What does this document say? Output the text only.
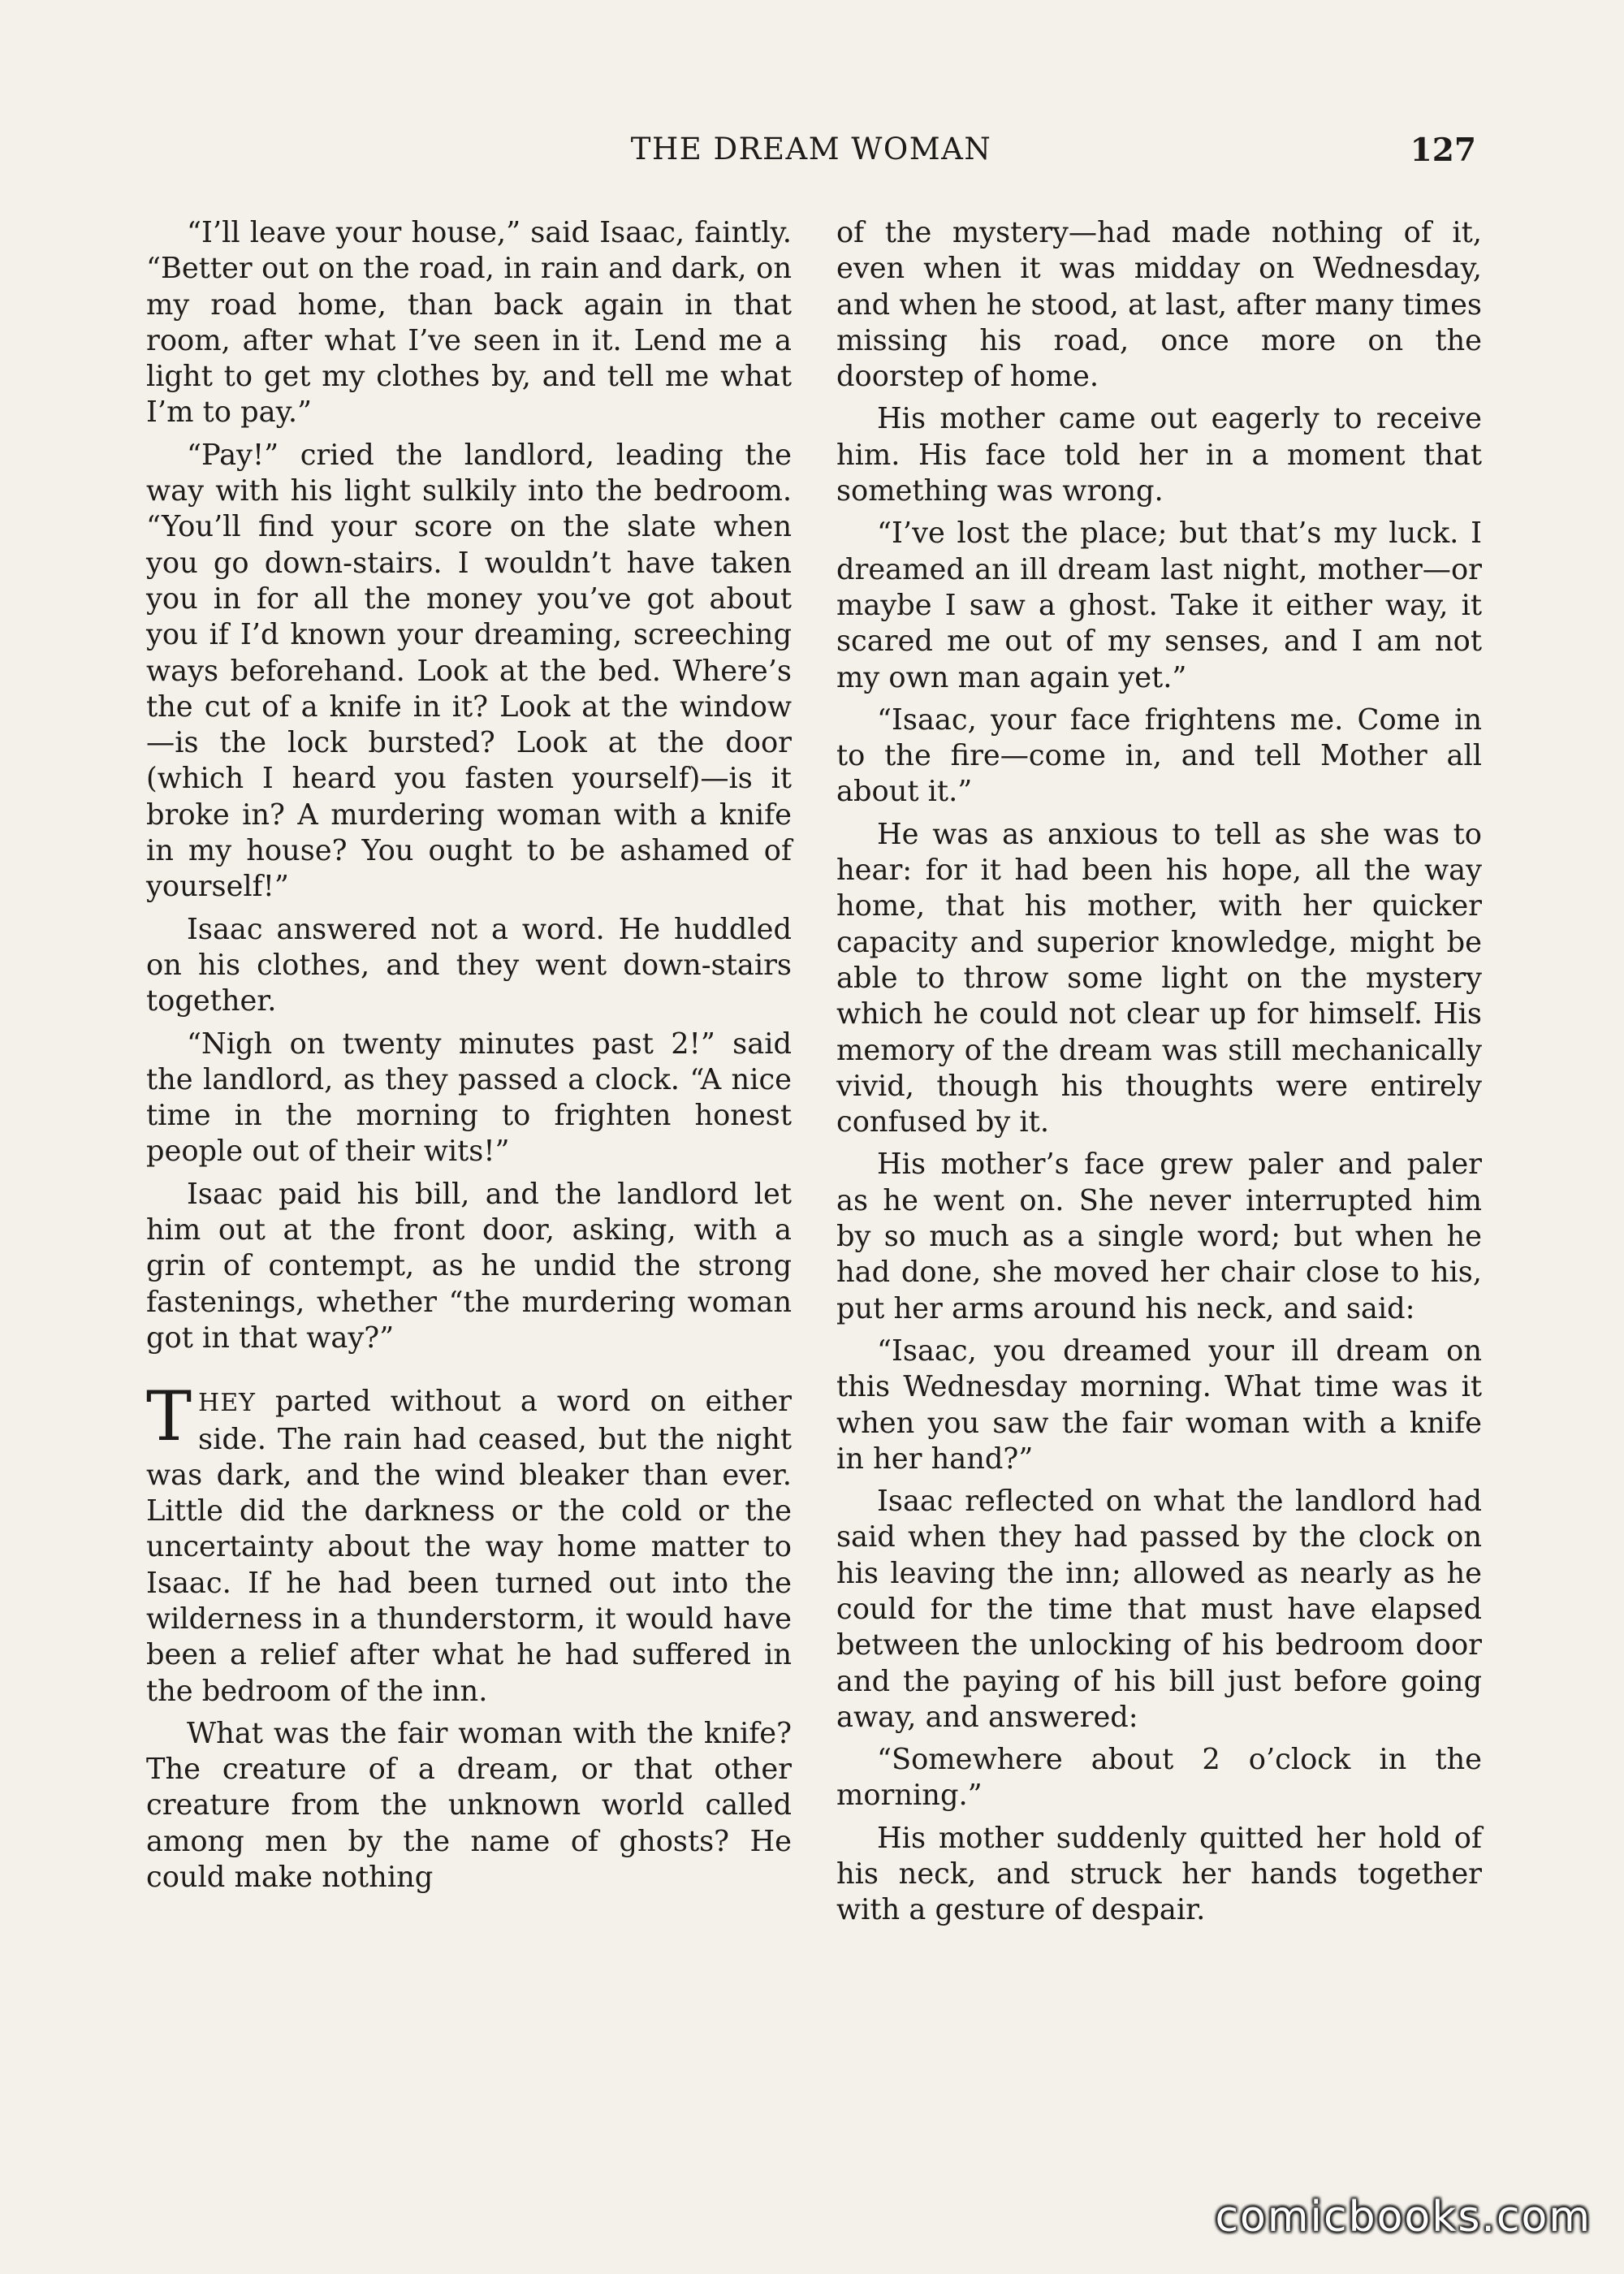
THE DREAM WOMAN	127

“I’ll leave your house,” said Isaac, faintly. “Better out on the road, in rain and dark, on my road home, than back again in that room, after what I’ve seen in it. Lend me a light to get my clothes by, and tell me what I’m to pay.”

“Pay!” cried the landlord, leading the way with his light sulkily into the bedroom. “You’ll find your score on the slate when you go down-stairs. I wouldn’t have taken you in for all the money you’ve got about you if I’d known your dreaming, screeching ways beforehand. Look at the bed. Where’s the cut of a knife in it? Look at the window—is the lock bursted? Look at the door (which I heard you fasten yourself)—is it broke in? A murdering woman with a knife in my house? You ought to be ashamed of yourself!”

Isaac answered not a word. He huddled on his clothes, and they went down-stairs together.

“Nigh on twenty minutes past 2!” said the landlord, as they passed a clock. “A nice time in the morning to frighten honest people out of their wits!”

Isaac paid his bill, and the landlord let him out at the front door, asking, with a grin of contempt, as he undid the strong fastenings, whether “the murdering woman got in that way?”

THEY parted without a word on either side. The rain had ceased, but the night was dark, and the wind bleaker than ever. Little did the darkness or the cold or the uncertainty about the way home matter to Isaac. If he had been turned out into the wilderness in a thunderstorm, it would have been a relief after what he had suffered in the bedroom of the inn.

What was the fair woman with the knife? The creature of a dream, or that other creature from the unknown world called among men by the name of ghosts? He could make nothing

of the mystery—had made nothing of it, even when it was midday on Wednesday, and when he stood, at last, after many times missing his road, once more on the doorstep of home.

His mother came out eagerly to receive him. His face told her in a moment that something was wrong.

“I’ve lost the place; but that’s my luck. I dreamed an ill dream last night, mother—or maybe I saw a ghost. Take it either way, it scared me out of my senses, and I am not my own man again yet.”

“Isaac, your face frightens me. Come in to the fire—come in, and tell Mother all about it.”

He was as anxious to tell as she was to hear: for it had been his hope, all the way home, that his mother, with her quicker capacity and superior knowledge, might be able to throw some light on the mystery which he could not clear up for himself. His memory of the dream was still mechanically vivid, though his thoughts were entirely confused by it.

His mother’s face grew paler and paler as he went on. She never interrupted him by so much as a single word; but when he had done, she moved her chair close to his, put her arms around his neck, and said:

“Isaac, you dreamed your ill dream on this Wednesday morning. What time was it when you saw the fair woman with a knife in her hand?”

Isaac reflected on what the landlord had said when they had passed by the clock on his leaving the inn; allowed as nearly as he could for the time that must have elapsed between the unlocking of his bedroom door and the paying of his bill just before going away, and answered:

“Somewhere about 2 o’clock in the morning.”

His mother suddenly quitted her hold of his neck, and struck her hands together with a gesture of despair.

comicbooks.com
